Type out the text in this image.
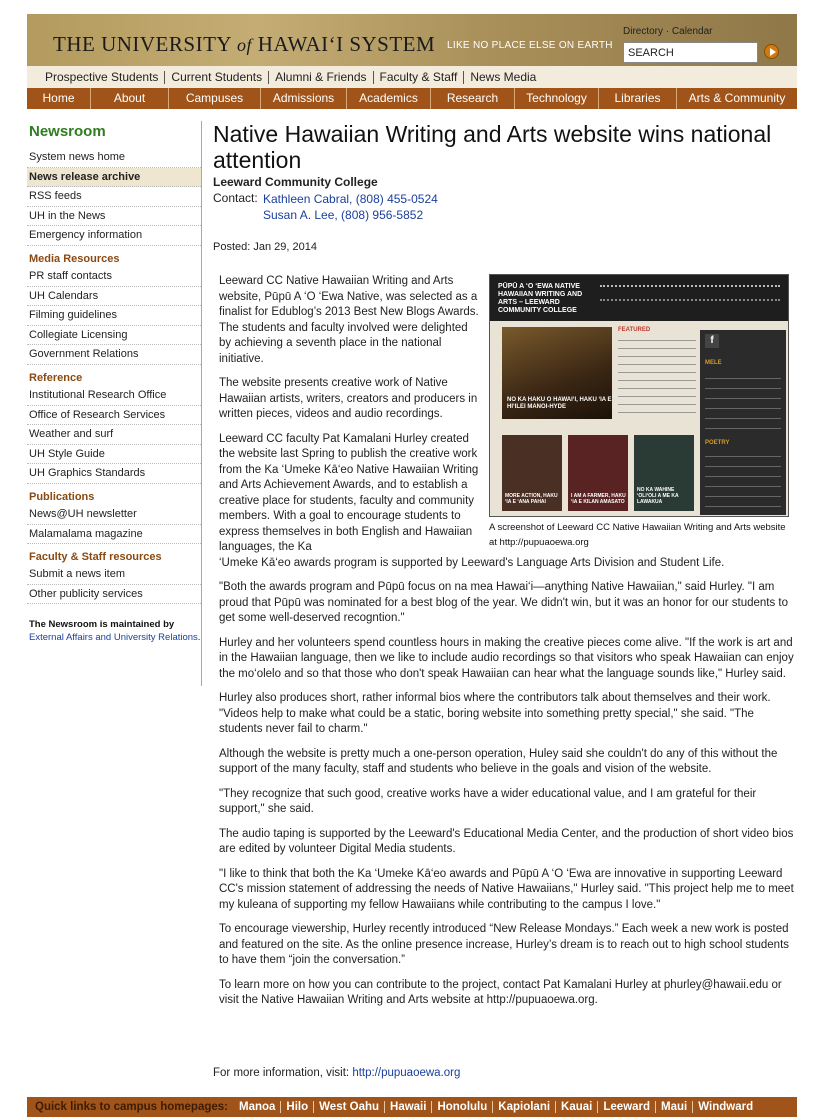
THE UNIVERSITY of HAWAI‘I SYSTEM LIKE NO PLACE ELSE ON EARTH
Directory · Calendar
SEARCH
Prospective Students	Current Students	Alumni & Friends	Faculty & Staff	News Media
Home	About	Campuses	Admissions	Academics	Research	Technology	Libraries	Arts & Community
Newsroom
System news home
News release archive
RSS feeds
UH in the News
Emergency information
Media Resources
PR staff contacts
UH Calendars
Filming guidelines
Collegiate Licensing
Government Relations
Reference
Institutional Research Office
Office of Research Services
Weather and surf
UH Style Guide
UH Graphics Standards
Publications
News@UH newsletter
Malamalama magazine
Faculty & Staff resources
Submit a news item
Other publicity services
The Newsroom is maintained by
External Affairs and University Relations.
Native Hawaiian Writing and Arts website wins national attention
Leeward Community College
Contact: Kathleen Cabral, (808) 455-0524
Susan A. Lee, (808) 956-5852
Posted: Jan 29, 2014
PŪPŪ A ‘O ‘EWA NATIVE HAWAIIAN WRITING AND ARTS – LEEWARD COMMUNITY COLLEGE
NO KA HAKU O HAWAI‘I, HAKU ‘IA E HI‘ILEI MANOI-HYDE
FEATURED
f
MELE
POETRY
MORE ACTION, HAKU ‘IA E ‘ANA PAHAI
I AM A FARMER, HAKU ‘IA E KILAN AMASATO
NO KA WAHINE ‘OLI‘OLI A ME KA LAWAKUA
A screenshot of Leeward CC Native Hawaiian Writing and Arts website at http://pupuaoewa.org

Leeward CC Native Hawaiian Writing and Arts website, Pūpū A ‘O ‘Ewa Native, was selected as a finalist for Edublog’s 2013 Best New Blogs Awards. The students and faculty involved were delighted by achieving a seventh place in the national initiative.

The website presents creative work of Native Hawaiian artists, writers, creators and producers in written pieces, videos and audio recordings.

Leeward CC faculty Pat Kamalani Hurley created the website last Spring to publish the creative work from the Ka ‘Umeke Kā‘eo Native Hawaiian Writing and Arts Achievement Awards, and to establish a creative place for students, faculty and community members. With a goal to encourage students to express themselves in both English and Hawaiian languages, the Ka

‘Umeke Kā‘eo awards program is supported by Leeward's Language Arts Division and Student Life.

"Both the awards program and Pūpū focus on na mea Hawai‘i—anything Native Hawaiian," said Hurley. "I am proud that Pūpū was nominated for a best blog of the year. We didn't win, but it was an honor for our students to get some well-deserved recogntion."

Hurley and her volunteers spend countless hours in making the creative pieces come alive. "If the work is art and in the Hawaiian language, then we like to include audio recordings so that visitors who speak Hawaiian can enjoy the mo‘olelo and so that those who don't speak Hawaiian can hear what the language sounds like," Hurley said.

Hurley also produces short, rather informal bios where the contributors talk about themselves and their work. "Videos help to make what could be a static, boring website into something pretty special," she said. "The students never fail to charm."

Although the website is pretty much a one-person operation, Huley said she couldn't do any of this without the support of the many faculty, staff and students who believe in the goals and vision of the website.

"They recognize that such good, creative works have a wider educational value, and I am grateful for their support," she said.

The audio taping is supported by the Leeward's Educational Media Center, and the production of short video bios are edited by volunteer Digital Media students.

"I like to think that both the Ka ‘Umeke Kā‘eo awards and Pūpū A ‘O ‘Ewa are innovative in supporting Leeward CC's mission statement of addressing the needs of Native Hawaiians," Hurley said. "This project help me to meet my kuleana of supporting my fellow Hawaiians while contributing to the campus I love."

To encourage viewership, Hurley recently introduced “New Release Mondays.” Each week a new work is posted and featured on the site. As the online presence increase, Hurley’s dream is to reach out to high school students to have them “join the conversation.”

To learn more on how you can contribute to the project, contact Pat Kamalani Hurley at phurley@hawaii.edu or visit the Native Hawaiian Writing and Arts website at http://pupuaoewa.org.

For more information, visit: http://pupuaoewa.org
Quick links to campus homepages: Manoa Hilo West Oahu Hawaii Honolulu Kapiolani Kauai Leeward Maui Windward
